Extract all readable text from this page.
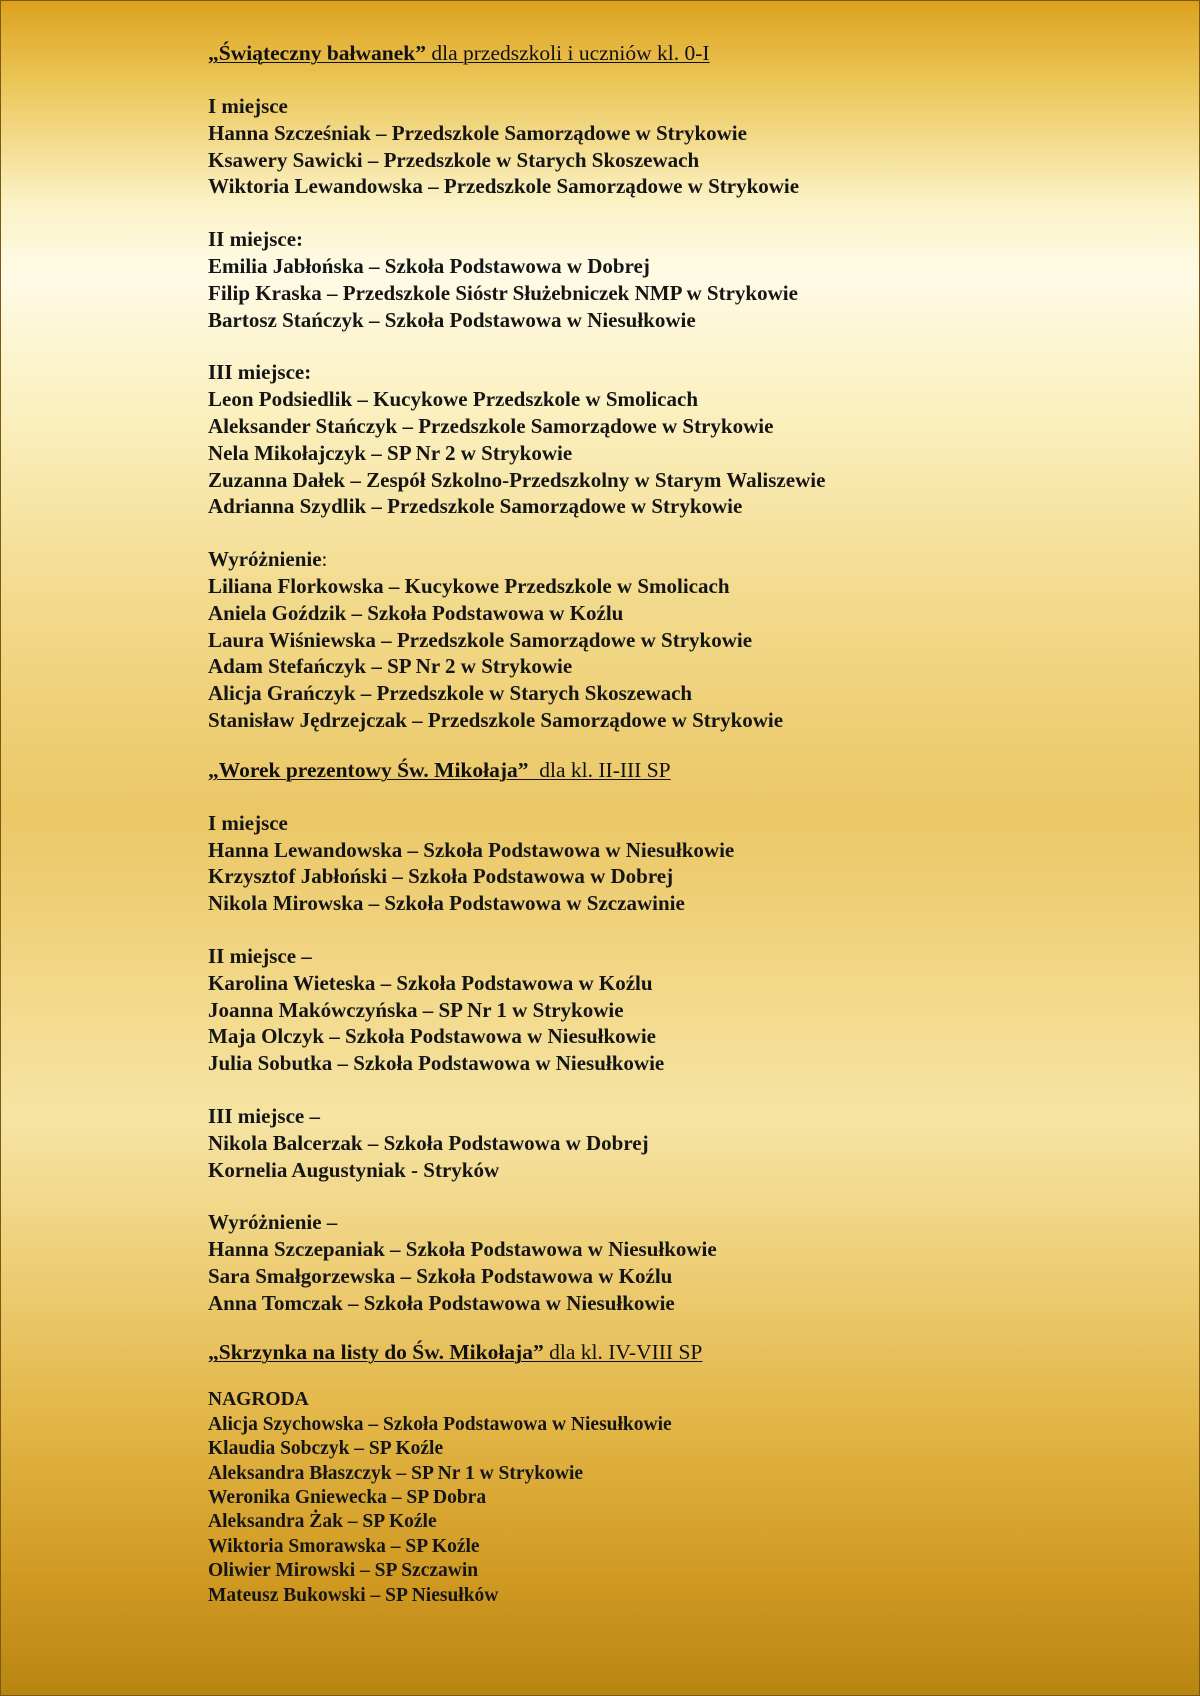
„Świąteczny bałwanek” dla przedszkoli i uczniów kl. 0-I
I miejsce
Hanna Szcześniak – Przedszkole Samorządowe w Strykowie
Ksawery Sawicki – Przedszkole w Starych Skoszewach
Wiktoria Lewandowska – Przedszkole Samorządowe w Strykowie
II miejsce:
Emilia Jabłońska – Szkoła Podstawowa w Dobrej
Filip Kraska – Przedszkole Sióstr Służebniczek NMP w Strykowie
Bartosz Stańczyk – Szkoła Podstawowa w Niesułkowie
III miejsce:
Leon Podsiedlik – Kucykowe Przedszkole w Smolicach
Aleksander Stańczyk – Przedszkole Samorządowe w Strykowie
Nela Mikołajczyk – SP Nr 2 w Strykowie
Zuzanna Dałek – Zespół Szkolno-Przedszkolny w Starym Waliszewie
Adrianna Szydlik – Przedszkole Samorządowe w Strykowie
Wyróżnienie:
Liliana Florkowska – Kucykowe Przedszkole w Smolicach
Aniela Goździk – Szkoła Podstawowa w Koźlu
Laura Wiśniewska – Przedszkole Samorządowe w Strykowie
Adam Stefańczyk – SP Nr 2 w Strykowie
Alicja Grańczyk – Przedszkole w Starych Skoszewach
Stanisław Jędrzejczak – Przedszkole Samorządowe w Strykowie
„Worek prezentowy Św. Mikołaja”  dla kl. II-III SP
I miejsce
Hanna Lewandowska – Szkoła Podstawowa w Niesułkowie
Krzysztof Jabłoński – Szkoła Podstawowa w Dobrej
Nikola Mirowska – Szkoła Podstawowa w Szczawinie
II miejsce –
Karolina Wieteska – Szkoła Podstawowa w Koźlu
Joanna Makówczyńska – SP Nr 1 w Strykowie
Maja Olczyk – Szkoła Podstawowa w Niesułkowie
Julia Sobutka – Szkoła Podstawowa w Niesułkowie
III miejsce –
Nikola Balcerzak – Szkoła Podstawowa w Dobrej
Kornelia Augustyniak - Stryków
Wyróżnienie –
Hanna Szczepaniak – Szkoła Podstawowa w Niesułkowie
Sara Smałgorzewska – Szkoła Podstawowa w Koźlu
Anna Tomczak – Szkoła Podstawowa w Niesułkowie
„Skrzynka na listy do Św. Mikołaja” dla kl. IV-VIII SP
NAGRODA
Alicja Szychowska – Szkoła Podstawowa w Niesułkowie
Klaudia Sobczyk – SP Koźle
Aleksandra Błaszczyk – SP Nr 1 w Strykowie
Weronika Gniewecka – SP Dobra
Aleksandra Żak – SP Koźle
Wiktoria Smorawska – SP Koźle
Oliwier Mirowski – SP Szczawin
Mateusz Bukowski – SP Niesułków
